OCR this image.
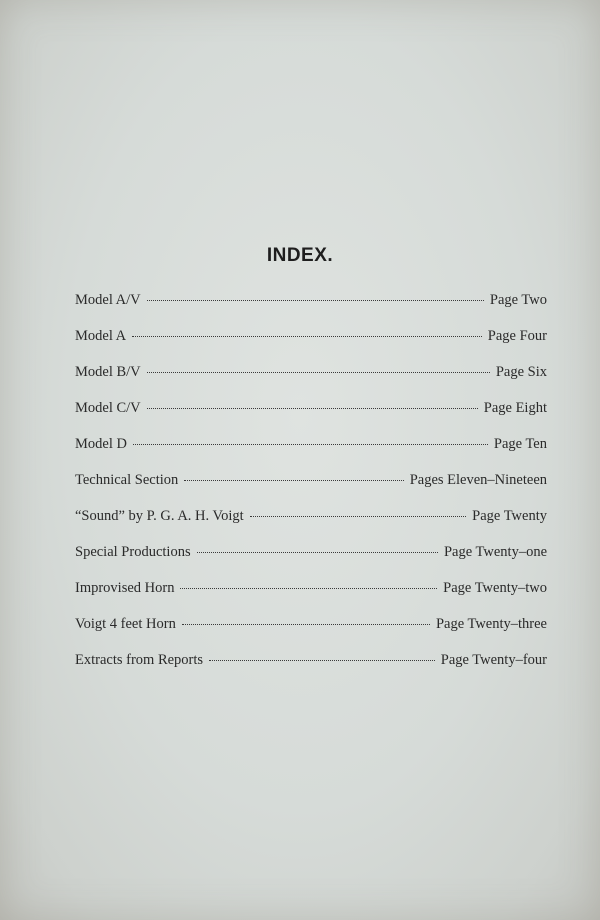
INDEX.
Model A/V	Page Two
Model A	Page Four
Model B/V	Page Six
Model C/V	Page Eight
Model D	Page Ten
Technical Section	Pages Eleven–Nineteen
“Sound” by P. G. A. H. Voigt	Page Twenty
Special Productions	Page Twenty–one
Improvised Horn	Page Twenty–two
Voigt 4 feet Horn	Page Twenty–three
Extracts from Reports	Page Twenty–four
